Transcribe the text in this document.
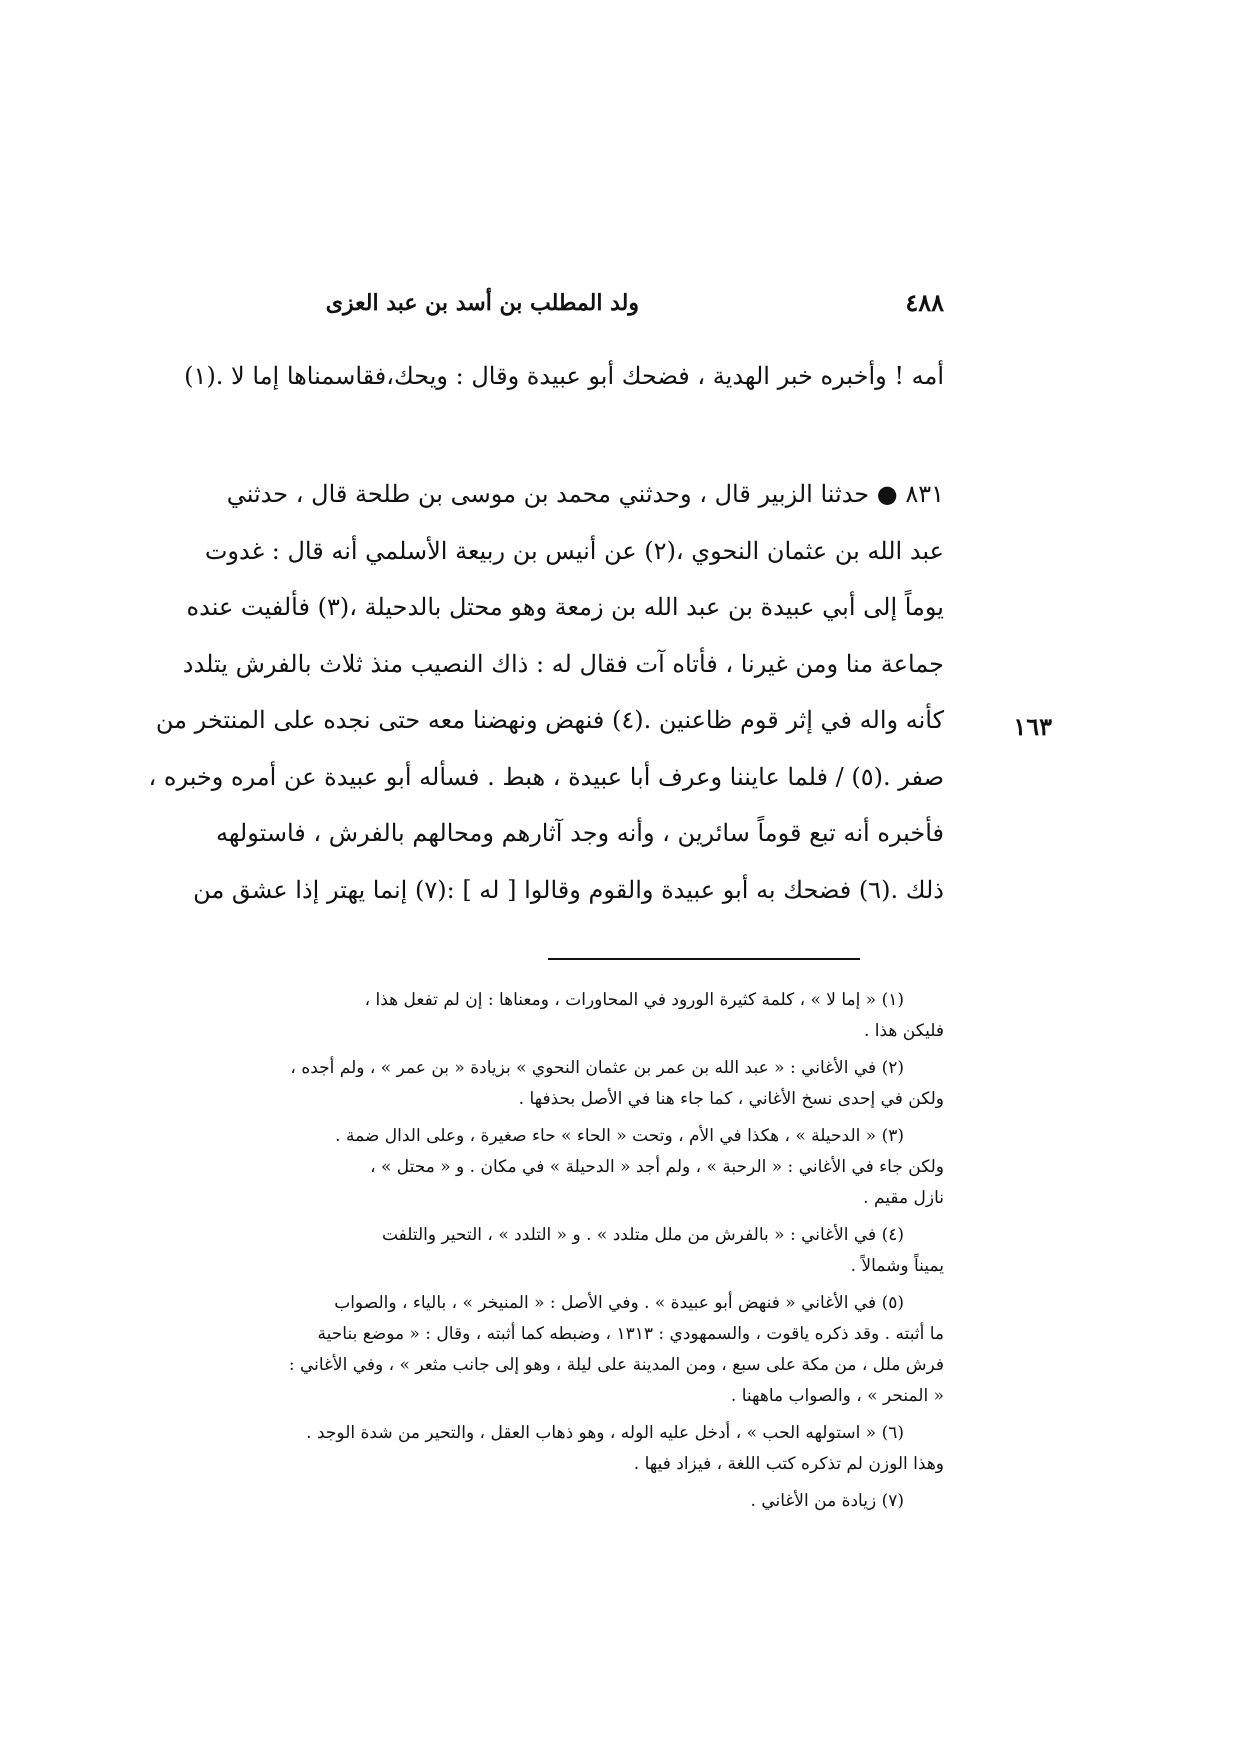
٤٨٨
ولد المطلب بن أسد بن عبد العزى
أمه ! وأخبره خبر الهدية ، فضحك أبو عبيدة وقال : ويحك،فقاسمناها إما لا .(١)
١٦٣
٨٣١ ● حدثنا الزبير قال ، وحدثني محمد بن موسى بن طلحة قال ، حدثني
عبد الله بن عثمان النحوي ،(٢) عن أنيس بن ربيعة الأسلمي أنه قال : غدوت
يوماً إلى أبي عبيدة بن عبد الله بن زمعة وهو محتل بالدحيلة ،(٣) فألفيت عنده
جماعة منا ومن غيرنا ، فأتاه آت فقال له : ذاك النصيب منذ ثلاث بالفرش يتلدد
كأنه واله في إثر قوم ظاعنين .(٤) فنهض ونهضنا معه حتى نجده على المنتخر من
صفر .(٥) / فلما عايننا وعرف أبا عبيدة ، هبط . فسأله أبو عبيدة عن أمره وخبره ،
فأخبره أنه تبع قوماً سائرين ، وأنه وجد آثارهم ومحالهم بالفرش ، فاستولهه
ذلك .(٦) فضحك به أبو عبيدة والقوم وقالوا [ له ] :(٧) إنما يهتر إذا عشق من
(١) « إما لا » ، كلمة كثيرة الورود في المحاورات ، ومعناها : إن لم تفعل هذا ،
فليكن هذا .
(٢) في الأغاني : « عبد الله بن عمر بن عثمان النحوي » بزيادة « بن عمر » ، ولم أجده ،
ولكن في إحدى نسخ الأغاني ، كما جاء هنا في الأصل بحذفها .
(٣) « الدحيلة » ، هكذا في الأم ، وتحت « الحاء » حاء صغيرة ، وعلى الدال ضمة .
ولكن جاء في الأغاني : « الرحبة » ، ولم أجد « الدحيلة » في مكان . و « محتل » ،
نازل مقيم .
(٤) في الأغاني : « بالفرش من ملل متلدد » . و « التلدد » ، التحير والتلفت
يميناً وشمالاً .
(٥) في الأغاني « فنهض أبو عبيدة » . وفي الأصل : « المنيخر » ، بالياء ، والصواب
ما أثبته . وقد ذكره ياقوت ، والسمهودي : ١٣١٣ ، وضبطه كما أثبته ، وقال : « موضع بناحية
فرش ملل ، من مكة على سبع ، ومن المدينة على ليلة ، وهو إلى جانب مثعر » ، وفي الأغاني :
« المنحر » ، والصواب ماههنا .
(٦) « استولهه الحب » ، أدخل عليه الوله ، وهو ذهاب العقل ، والتحير من شدة الوجد .
وهذا الوزن لم تذكره كتب اللغة ، فيزاد فيها .
(٧) زيادة من الأغاني .
